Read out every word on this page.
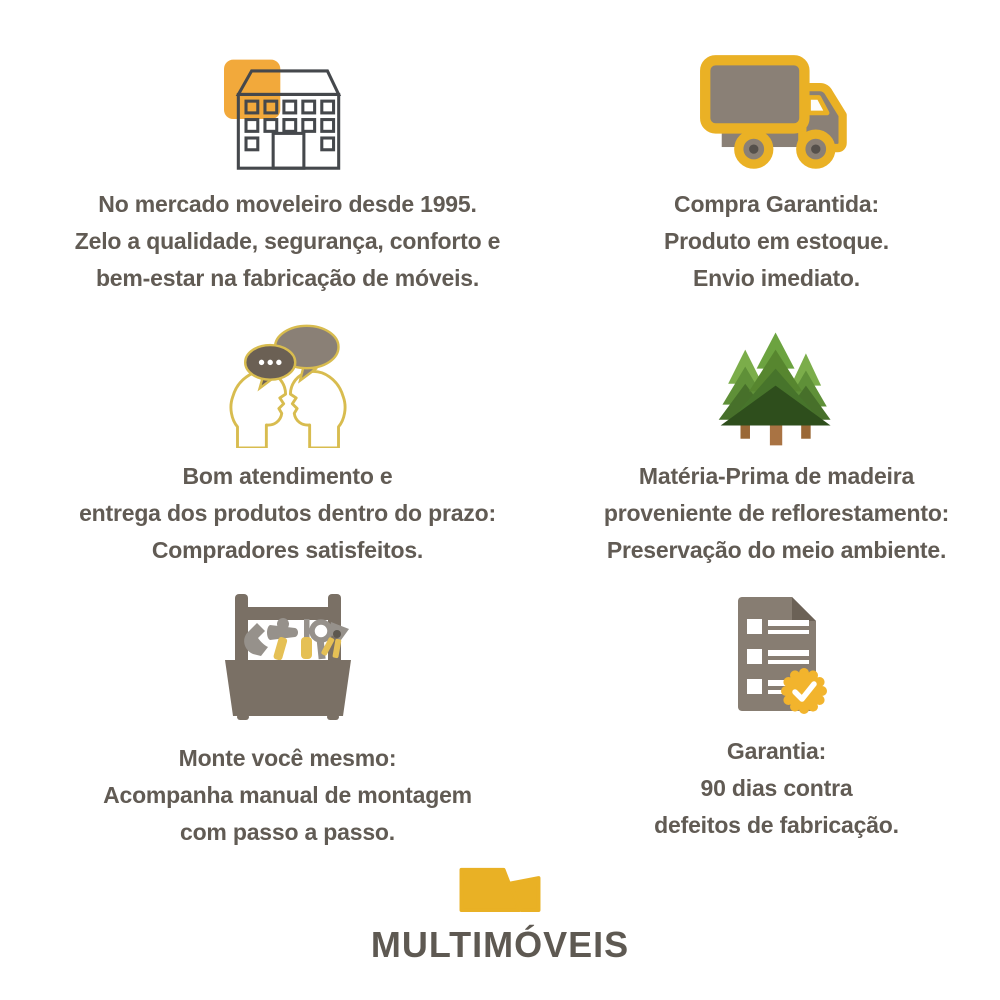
No mercado moveleiro desde 1995.
Zelo a qualidade, segurança, conforto e
bem-estar na fabricação de móveis.
Compra Garantida:
Produto em estoque.
Envio imediato.
Bom atendimento e
entrega dos produtos dentro do prazo:
Compradores satisfeitos.
Matéria-Prima de madeira
proveniente de reflorestamento:
Preservação do meio ambiente.
Monte você mesmo:
Acompanha manual de montagem
com passo a passo.
Garantia:
90 dias contra
defeitos de fabricação.
MULTIMÓVEIS
